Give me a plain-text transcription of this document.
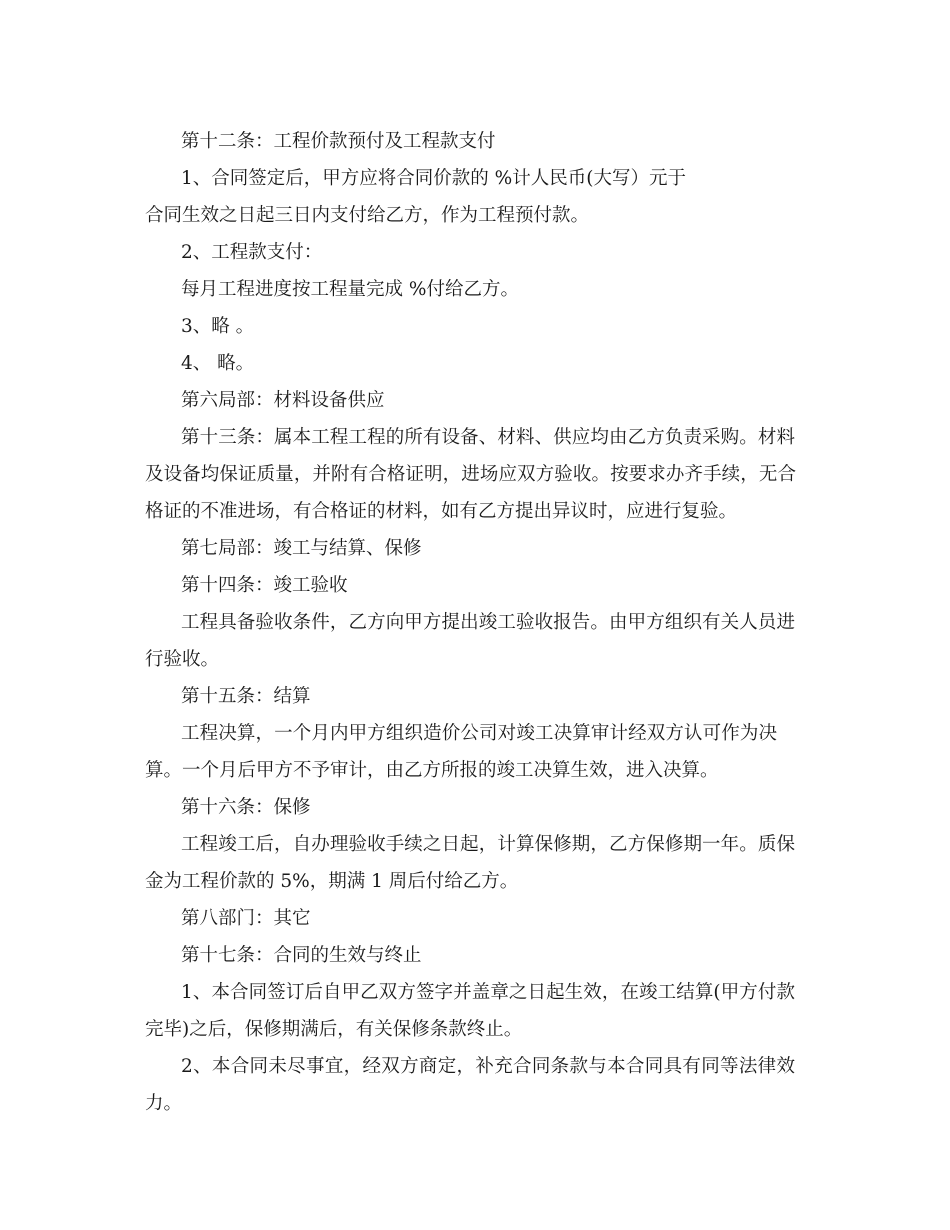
第十二条：工程价款预付及工程款支付
1、合同签定后，甲方应将合同价款的 %计人民币(大写）元于
合同生效之日起三日内支付给乙方，作为工程预付款。
2、工程款支付：
每月工程进度按工程量完成 %付给乙方。
3、略 。
4、 略。
第六局部：材料设备供应
第十三条：属本工程工程的所有设备、材料、供应均由乙方负责采购。材料
及设备均保证质量，并附有合格证明，进场应双方验收。按要求办齐手续，无合
格证的不准进场，有合格证的材料，如有乙方提出异议时，应进行复验。
第七局部：竣工与结算、保修
第十四条：竣工验收
工程具备验收条件，乙方向甲方提出竣工验收报告。由甲方组织有关人员进
行验收。
第十五条：结算
工程决算，一个月内甲方组织造价公司对竣工决算审计经双方认可作为决
算。一个月后甲方不予审计，由乙方所报的竣工决算生效，进入决算。
第十六条：保修
工程竣工后，自办理验收手续之日起，计算保修期，乙方保修期一年。质保
金为工程价款的 5%，期满 1 周后付给乙方。
第八部门：其它
第十七条：合同的生效与终止
1、本合同签订后自甲乙双方签字并盖章之日起生效，在竣工结算(甲方付款
完毕)之后，保修期满后，有关保修条款终止。
2、本合同未尽事宜，经双方商定，补充合同条款与本合同具有同等法律效
力。
